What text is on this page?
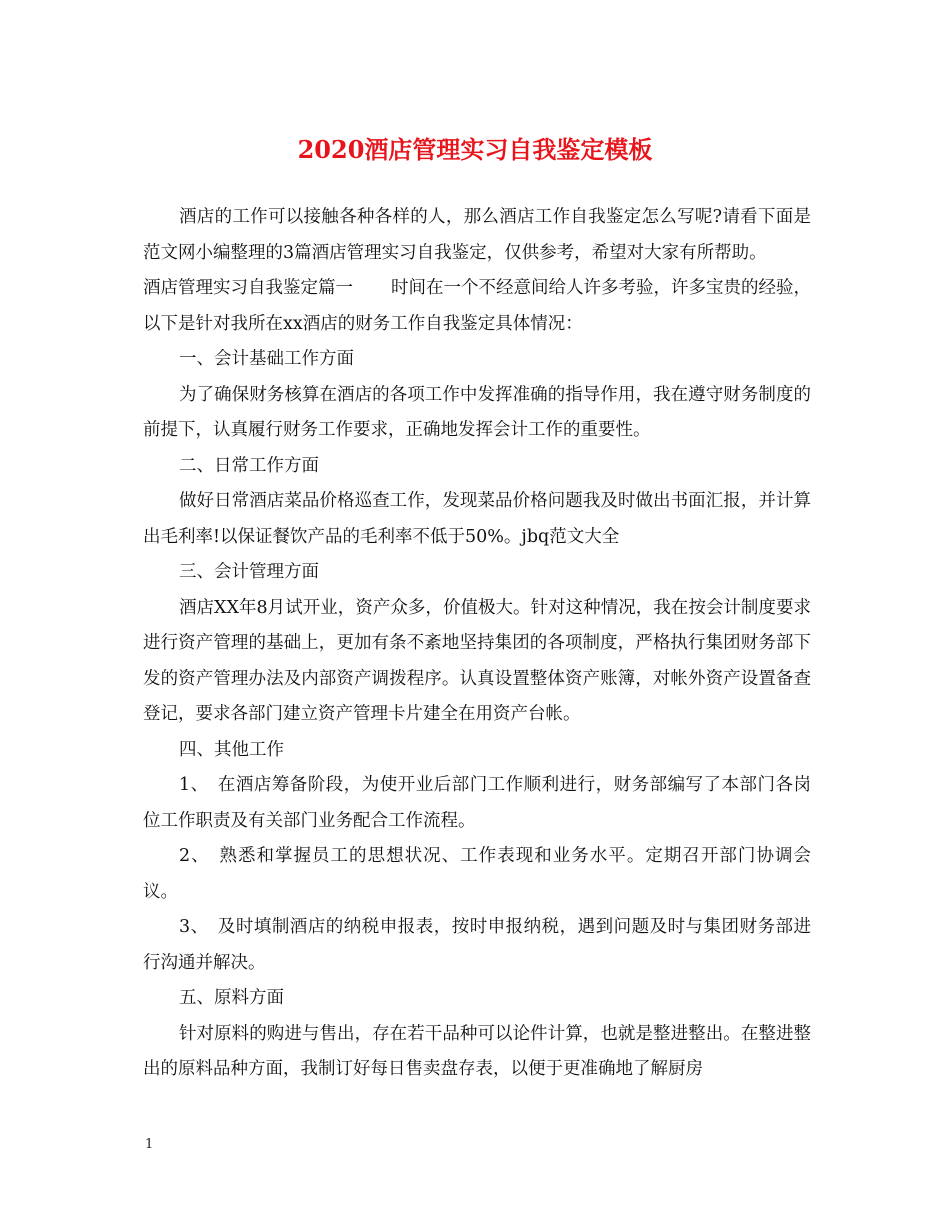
2020酒店管理实习自我鉴定模板

酒店的工作可以接触各种各样的人，那么酒店工作自我鉴定怎么写呢?请看下面是范文网小编整理的3篇酒店管理实习自我鉴定，仅供参考，希望对大家有所帮助。

酒店管理实习自我鉴定篇一 时间在一个不经意间给人许多考验，许多宝贵的经验，以下是针对我所在xx酒店的财务工作自我鉴定具体情况：

一、会计基础工作方面

为了确保财务核算在酒店的各项工作中发挥准确的指导作用，我在遵守财务制度的前提下，认真履行财务工作要求，正确地发挥会计工作的重要性。

二、日常工作方面

做好日常酒店菜品价格巡查工作，发现菜品价格问题我及时做出书面汇报，并计算出毛利率!以保证餐饮产品的毛利率不低于50%。jbq范文大全

三、会计管理方面

酒店XX年8月试开业，资产众多，价值极大。针对这种情况，我在按会计制度要求进行资产管理的基础上，更加有条不紊地坚持集团的各项制度，严格执行集团财务部下发的资产管理办法及内部资产调拨程序。认真设置整体资产账簿，对帐外资产设置备查登记，要求各部门建立资产管理卡片建全在用资产台帐。

四、其他工作

1、　在酒店筹备阶段，为使开业后部门工作顺利进行，财务部编写了本部门各岗位工作职责及有关部门业务配合工作流程。

2、　熟悉和掌握员工的思想状况、工作表现和业务水平。定期召开部门协调会议。

3、　及时填制酒店的纳税申报表，按时申报纳税，遇到问题及时与集团财务部进行沟通并解决。

五、原料方面

针对原料的购进与售出，存在若干品种可以论件计算，也就是整进整出。在整进整出的原料品种方面，我制订好每日售卖盘存表，以便于更准确地了解厨房

1
